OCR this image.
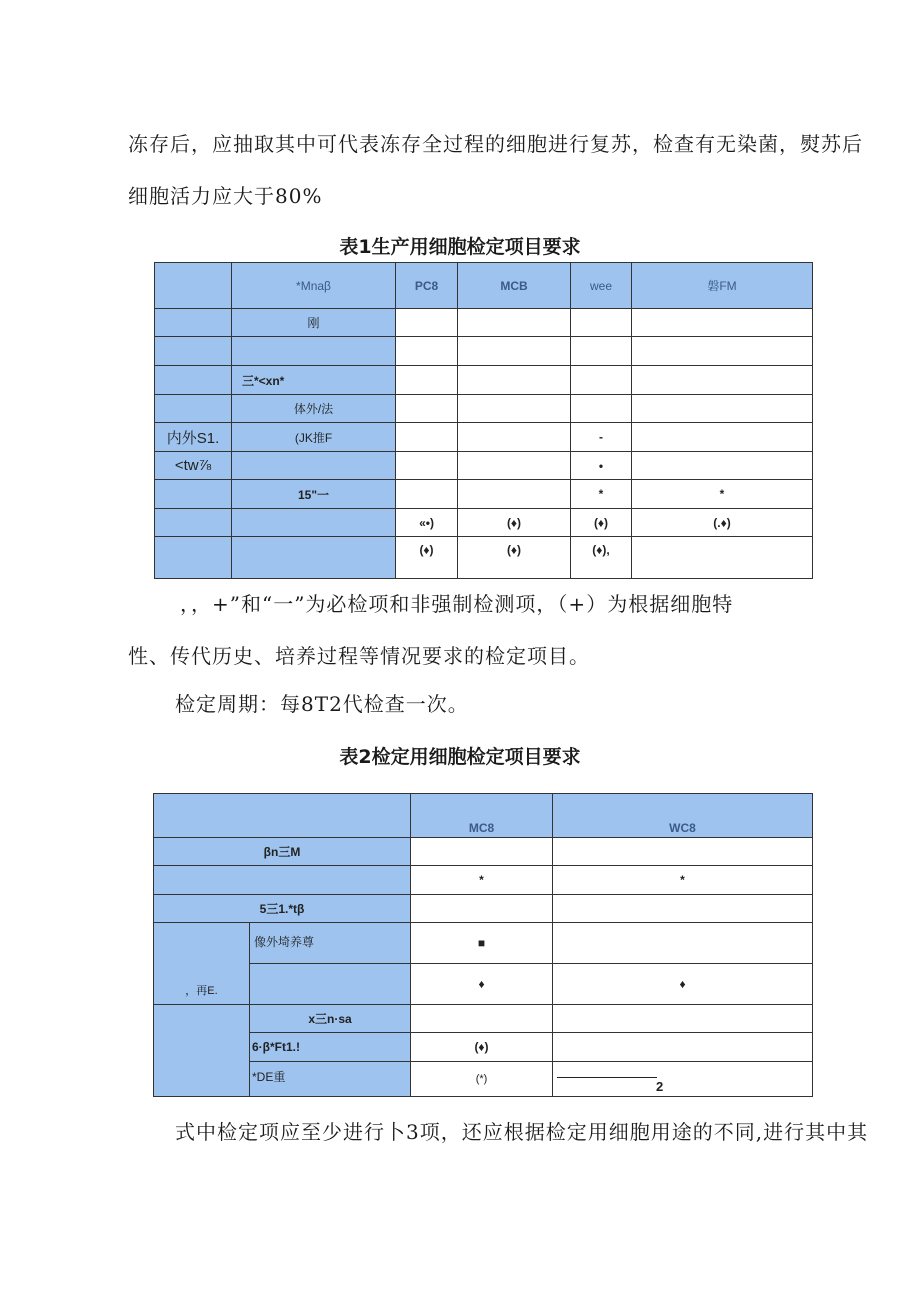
冻存后，应抽取其中可代表冻存全过程的细胞进行复苏，检查有无染菌，熨苏后

细胞活力应大于80%

表1生产用细胞检定项目要求
	*Mnaβ	PC8	MCB	wee	磐FM
	刚				

	三*<xn*				
	体外/法				
内外S1.	(JK推F			-	
<tw⅞				•	
	15"一			*	*
		«•)	(♦)	(♦)	(.♦)
		(♦)	(♦)	(♦),	

，，+”和“一”为必检项和非强制检测项，（+）为根据细胞特

性、传代历史、培养过程等情况要求的检定项目。

检定周期：每8T2代检查一次。

表2检定用细胞检定项目要求
		MC8	WC8
βn三M			
		*	*
5三1.*tβ			
，再E.	像外埼养尊	■	
		♦	♦
	x三n·sa		
	6·β*Ft1.!	(♦)	
	*DE重	(*)	2

式中检定项应至少进行卜3项，还应根据检定用细胞用途的不同,进行其中其
